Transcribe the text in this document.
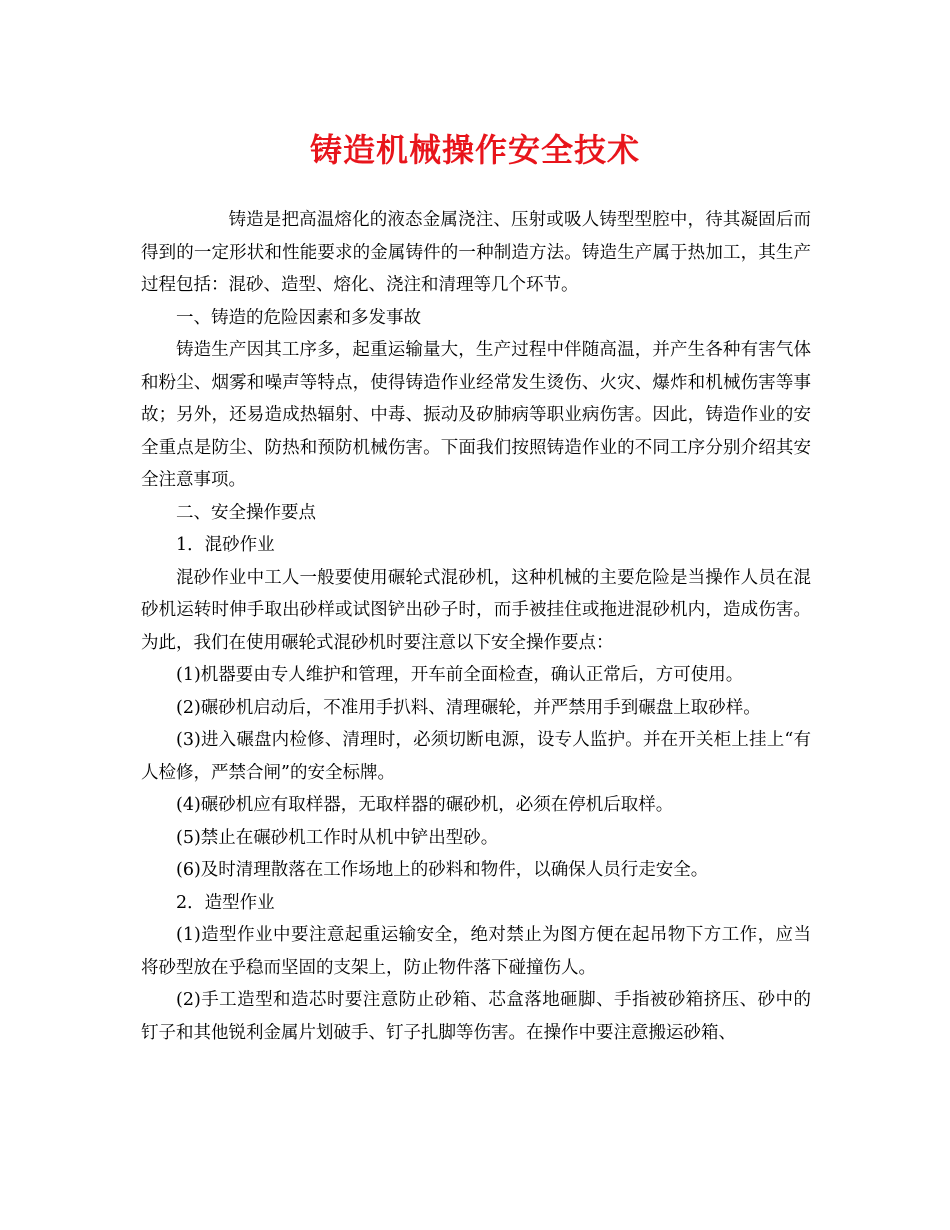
铸造机械操作安全技术

铸造是把高温熔化的液态金属浇注、压射或吸人铸型型腔中，待其凝固后而得到的一定形状和性能要求的金属铸件的一种制造方法。铸造生产属于热加工，其生产过程包括：混砂、造型、熔化、浇注和清理等几个环节。

一、铸造的危险因素和多发事故

铸造生产因其工序多，起重运输量大，生产过程中伴随高温，并产生各种有害气体和粉尘、烟雾和噪声等特点，使得铸造作业经常发生烫伤、火灾、爆炸和机械伤害等事故；另外，还易造成热辐射、中毒、振动及矽肺病等职业病伤害。因此，铸造作业的安全重点是防尘、防热和预防机械伤害。下面我们按照铸造作业的不同工序分别介绍其安全注意事项。

二、安全操作要点

1．混砂作业

混砂作业中工人一般要使用碾轮式混砂机，这种机械的主要危险是当操作人员在混砂机运转时伸手取出砂样或试图铲出砂子时，而手被挂住或拖进混砂机内，造成伤害。为此，我们在使用碾轮式混砂机时要注意以下安全操作要点：

(1)机器要由专人维护和管理，开车前全面检查，确认正常后，方可使用。

(2)碾砂机启动后，不准用手扒料、清理碾轮，并严禁用手到碾盘上取砂样。

(3)进入碾盘内检修、清理时，必须切断电源，设专人监护。并在开关柜上挂上“有人检修，严禁合闸”的安全标牌。

(4)碾砂机应有取样器，无取样器的碾砂机，必须在停机后取样。

(5)禁止在碾砂机工作时从机中铲出型砂。

(6)及时清理散落在工作场地上的砂料和物件，以确保人员行走安全。

2．造型作业

(1)造型作业中要注意起重运输安全，绝对禁止为图方便在起吊物下方工作，应当将砂型放在乎稳而坚固的支架上，防止物件落下碰撞伤人。

(2)手工造型和造芯时要注意防止砂箱、芯盒落地砸脚、手指被砂箱挤压、砂中的钉子和其他锐利金属片划破手、钉子扎脚等伤害。在操作中要注意搬运砂箱、
